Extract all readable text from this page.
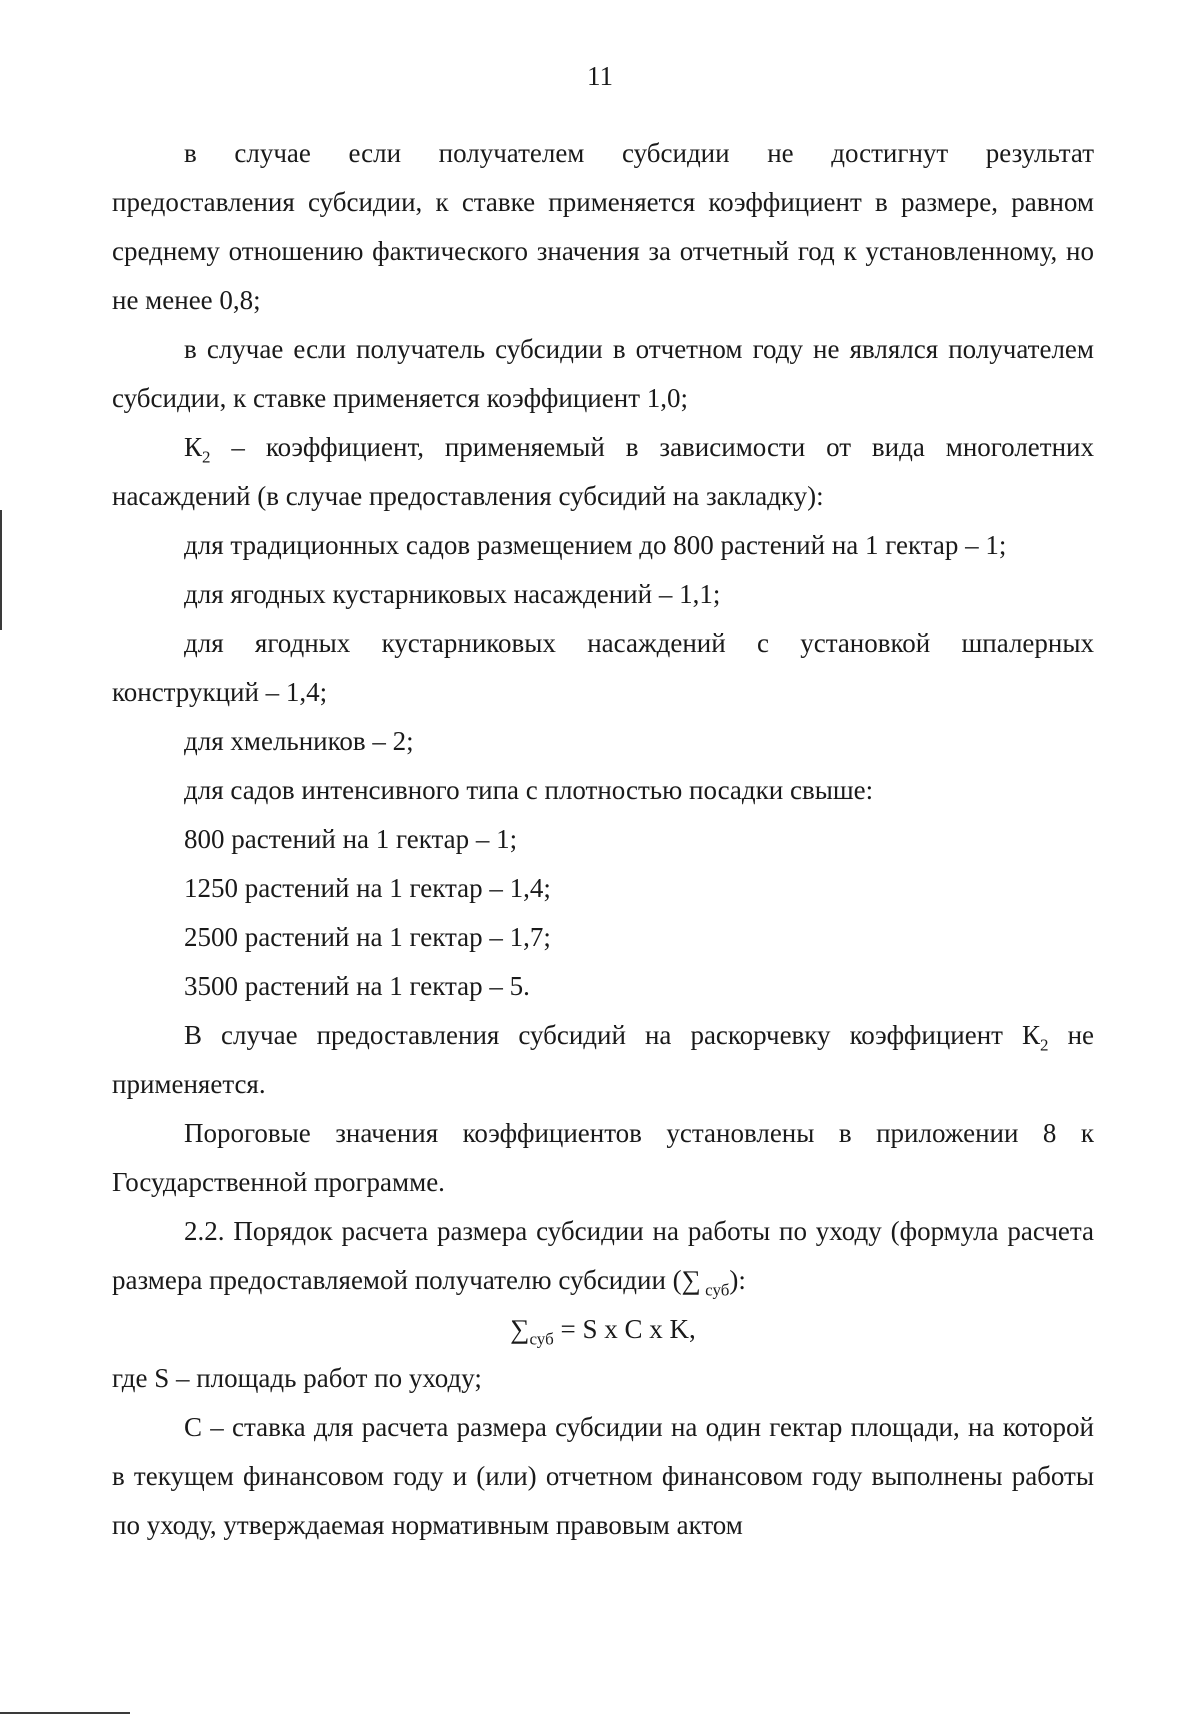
11

в случае если получателем субсидии не достигнут результат
предоставления субсидии, к ставке применяется коэффициент в размере, равном среднему отношению фактического значения за отчетный год к установленному, но не менее 0,8;

в случае если получатель субсидии в отчетном году не являлся получателем субсидии, к ставке применяется коэффициент 1,0;

$К_2$ – коэффициент, применяемый в зависимости от вида многолетних насаждений (в случае предоставления субсидий на закладку):

для традиционных садов размещением до 800 растений на 1 гектар – 1;

для ягодных кустарниковых насаждений – 1,1;

для ягодных кустарниковых насаждений с установкой шпалерных конструкций – 1,4;

для хмельников – 2;

для садов интенсивного типа с плотностью посадки свыше:

800 растений на 1 гектар – 1;

1250 растений на 1 гектар – 1,4;

2500 растений на 1 гектар – 1,7;

3500 растений на 1 гектар – 5.

В случае предоставления субсидий на раскорчевку коэффициент $К_2$ не применяется.

Пороговые значения коэффициентов установлены в приложении 8 к Государственной программе.

2.2. Порядок расчета размера субсидии на работы по уходу (формула расчета размера предоставляемой получателю субсидии (∑ $_{суб}$):

$\sum_{суб} = S$ x C x K,

где S – площадь работ по уходу;

С – ставка для расчета размера субсидии на один гектар площади, на которой в текущем финансовом году и (или) отчетном финансовом году выполнены работы по уходу, утверждаемая нормативным правовым актом
